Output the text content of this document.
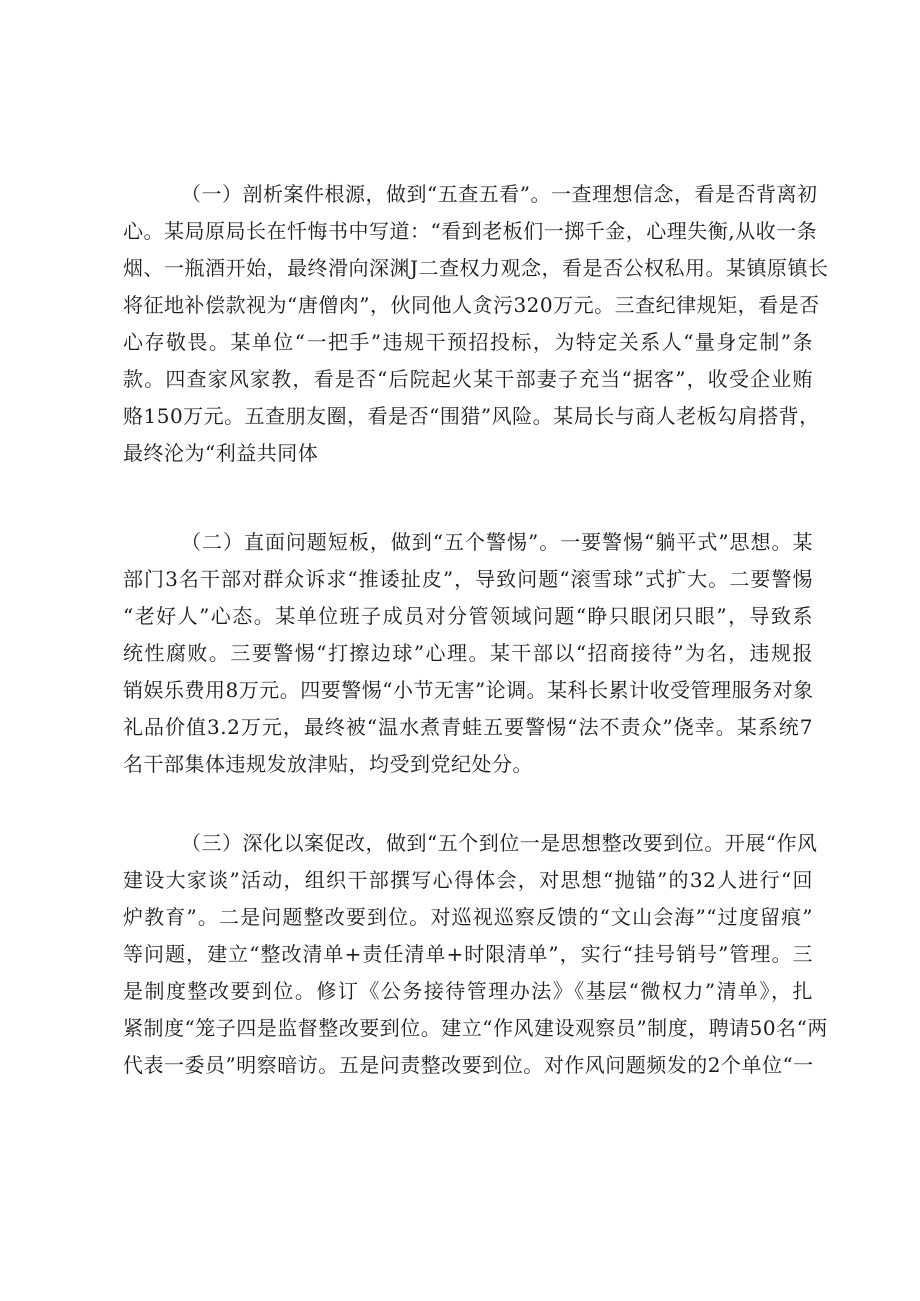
（一）剖析案件根源，做到“五查五看”。一查理想信念，看是否背离初
心。某局原局长在忏悔书中写道：“看到老板们一掷千金，心理失衡,从收一条
烟、一瓶酒开始，最终滑向深渊J二查权力观念，看是否公权私用。某镇原镇长
将征地补偿款视为“唐僧肉”，伙同他人贪污320万元。三查纪律规矩，看是否
心存敬畏。某单位“一把手”违规干预招投标，为特定关系人“量身定制”条
款。四查家风家教，看是否“后院起火某干部妻子充当“据客”，收受企业贿
赂150万元。五查朋友圈，看是否“围猎”风险。某局长与商人老板勾肩搭背，
最终沦为“利益共同体
（二）直面问题短板，做到“五个警惕”。一要警惕“躺平式”思想。某
部门3名干部对群众诉求“推诿扯皮”，导致问题“滚雪球”式扩大。二要警惕
“老好人”心态。某单位班子成员对分管领域问题“睁只眼闭只眼”，导致系
统性腐败。三要警惕“打擦边球”心理。某干部以“招商接待”为名，违规报
销娱乐费用8万元。四要警惕“小节无害”论调。某科长累计收受管理服务对象
礼品价值3.2万元，最终被“温水煮青蛙五要警惕“法不责众”侥幸。某系统7
名干部集体违规发放津贴，均受到党纪处分。
（三）深化以案促改，做到“五个到位一是思想整改要到位。开展“作风
建设大家谈”活动，组织干部撰写心得体会，对思想“抛锚”的32人进行“回
炉教育”。二是问题整改要到位。对巡视巡察反馈的“文山会海”“过度留痕”
等问题，建立“整改清单+责任清单+时限清单”，实行“挂号销号”管理。三
是制度整改要到位。修订《公务接待管理办法》《基层“微权力”清单》，扎
紧制度“笼子四是监督整改要到位。建立“作风建设观察员”制度，聘请50名“两
代表一委员”明察暗访。五是问责整改要到位。对作风问题频发的2个单位“一
